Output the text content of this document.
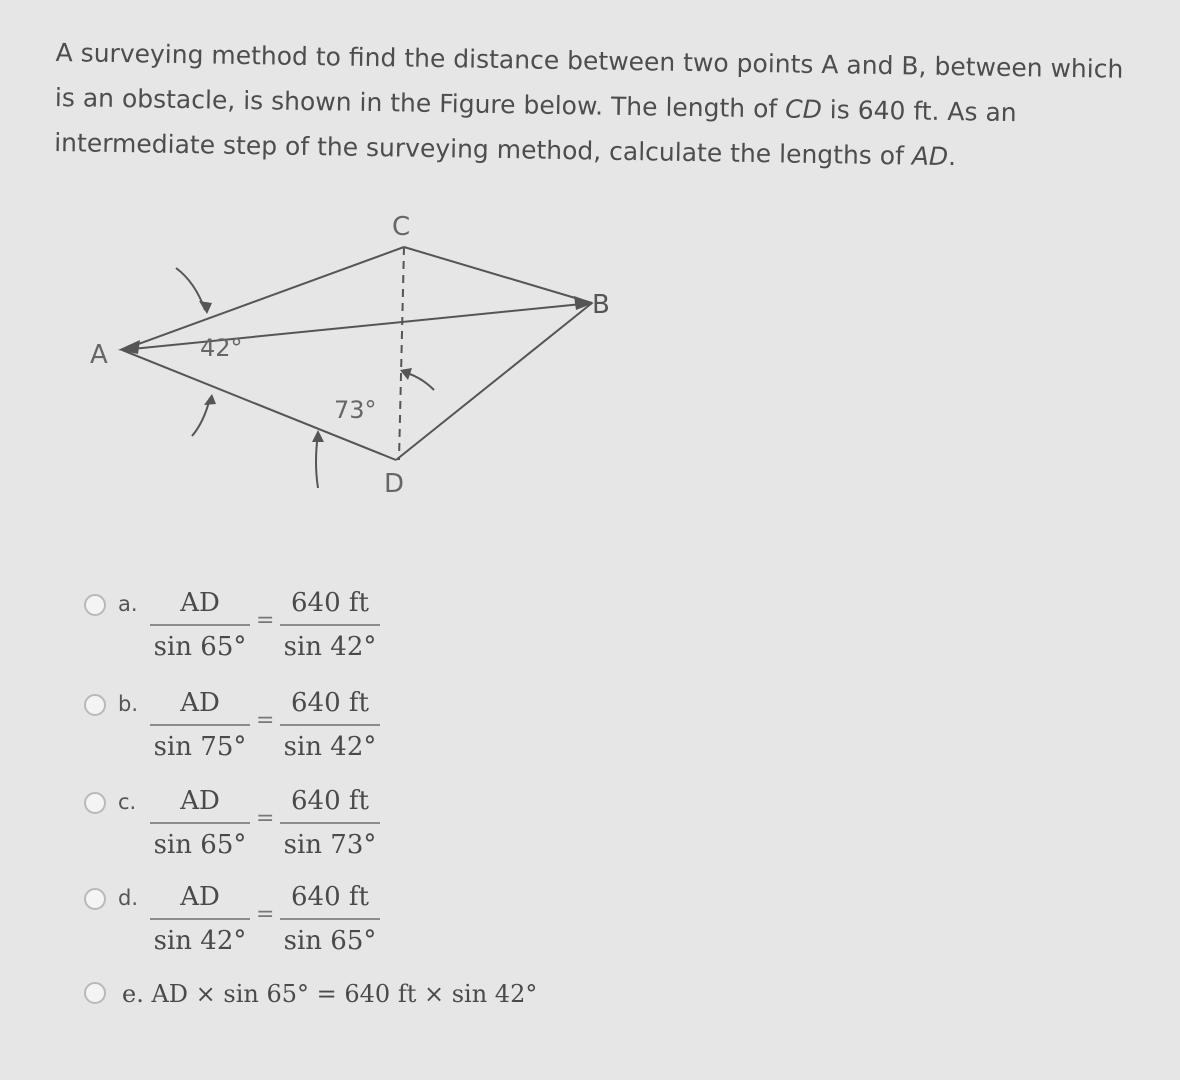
A surveying method to find the distance between two points A and B, between which is an obstacle, is shown in the Figure below. The length of CD is 640 ft. As an intermediate step of the surveying method, calculate the lengths of AD.

A
B
C
D
42°
73°
a.	AD
sin 65°
=
640 ft
sin 42°
b.	AD
sin 75°
=
640 ft
sin 42°
c.	AD
sin 65°
=
640 ft
sin 73°
d.	AD
sin 42°
=
640 ft
sin 65°
e. AD × sin 65° = 640 ft × sin 42°
